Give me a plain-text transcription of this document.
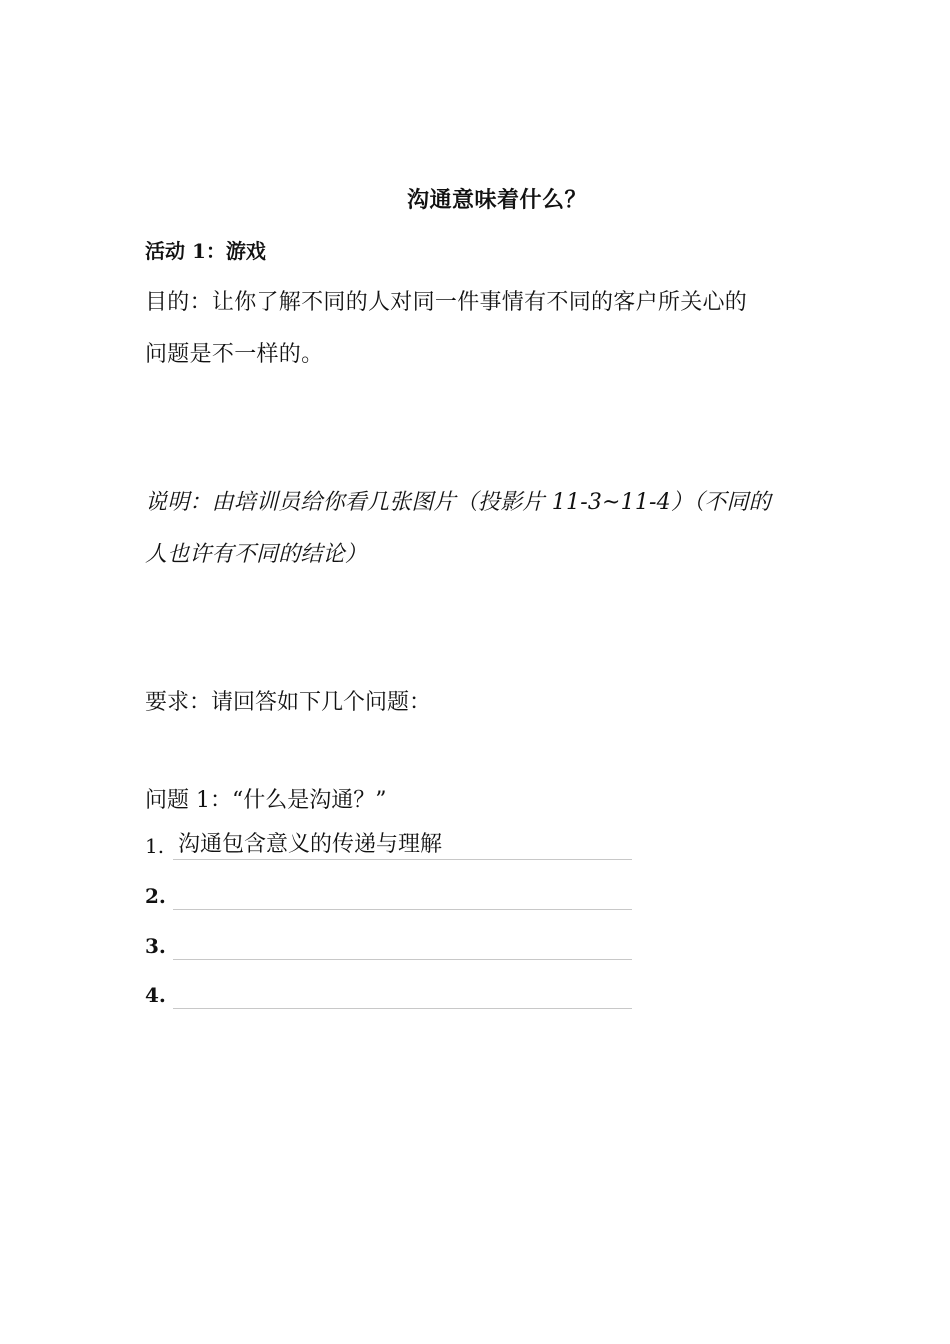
沟通意味着什么？
活动 1：游戏
目的：让你了解不同的人对同一件事情有不同的客户所关心的
问题是不一样的。
说明：由培训员给你看几张图片（投影片 11-3~11-4）（不同的
人也许有不同的结论）
要求：请回答如下几个问题：
问题 1：“什么是沟通？”
1. 沟通包含意义的传递与理解
2.
3.
4.
